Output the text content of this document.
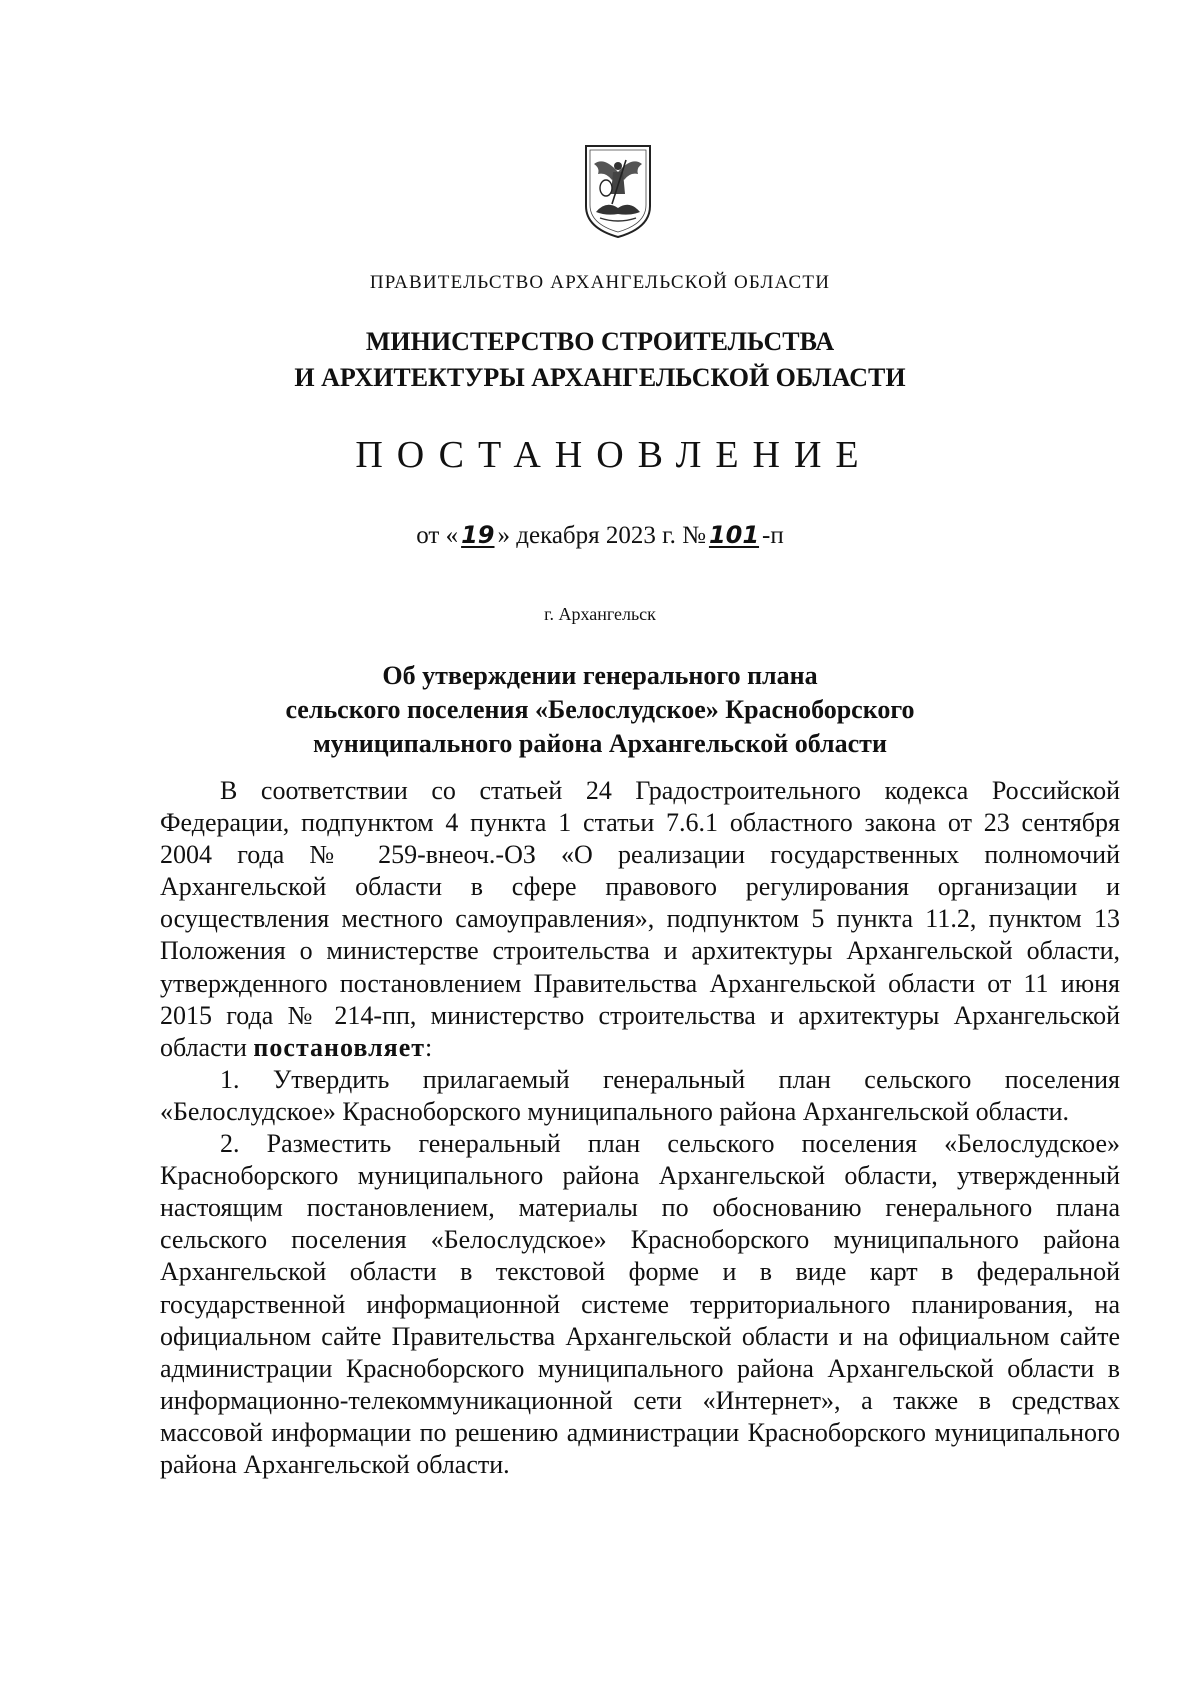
ПРАВИТЕЛЬСТВО АРХАНГЕЛЬСКОЙ ОБЛАСТИ
МИНИСТЕРСТВО СТРОИТЕЛЬСТВА
И АРХИТЕКТУРЫ АРХАНГЕЛЬСКОЙ ОБЛАСТИ
ПОСТАНОВЛЕНИЕ
от « 19 » декабря 2023 г. № 101 -п
г. Архангельск
Об утверждении генерального плана
сельского поселения «Белослудское» Красноборского
муниципального района Архангельской области

В соответствии со статьей 24 Градостроительного кодекса Российской Федерации, подпунктом 4 пункта 1 статьи 7.6.1 областного закона от 23 сентября 2004 года № 259-внеоч.-ОЗ «О реализации государственных полномочий Архангельской области в сфере правового регулирования организации и осуществления местного самоуправления», подпунктом 5 пункта 11.2, пунктом 13 Положения о министерстве строительства и архитектуры Архангельской области, утвержденного постановлением Правительства Архангельской области от 11 июня 2015 года № 214-пп, министерство строительства и архитектуры Архангельской области постановляет:

1. Утвердить прилагаемый генеральный план сельского поселения «Белослудское» Красноборского муниципального района Архангельской области.

2. Разместить генеральный план сельского поселения «Белослудское» Красноборского муниципального района Архангельской области, утвержденный настоящим постановлением, материалы по обоснованию генерального плана сельского поселения «Белослудское» Красноборского муниципального района Архангельской области в текстовой форме и в виде карт в федеральной государственной информационной системе территориального планирования, на официальном сайте Правительства Архангельской области и на официальном сайте администрации Красноборского муниципального района Архангельской области в информационно-телекоммуникационной сети «Интернет», а также в средствах массовой информации по решению администрации Красноборского муниципального района Архангельской области.
